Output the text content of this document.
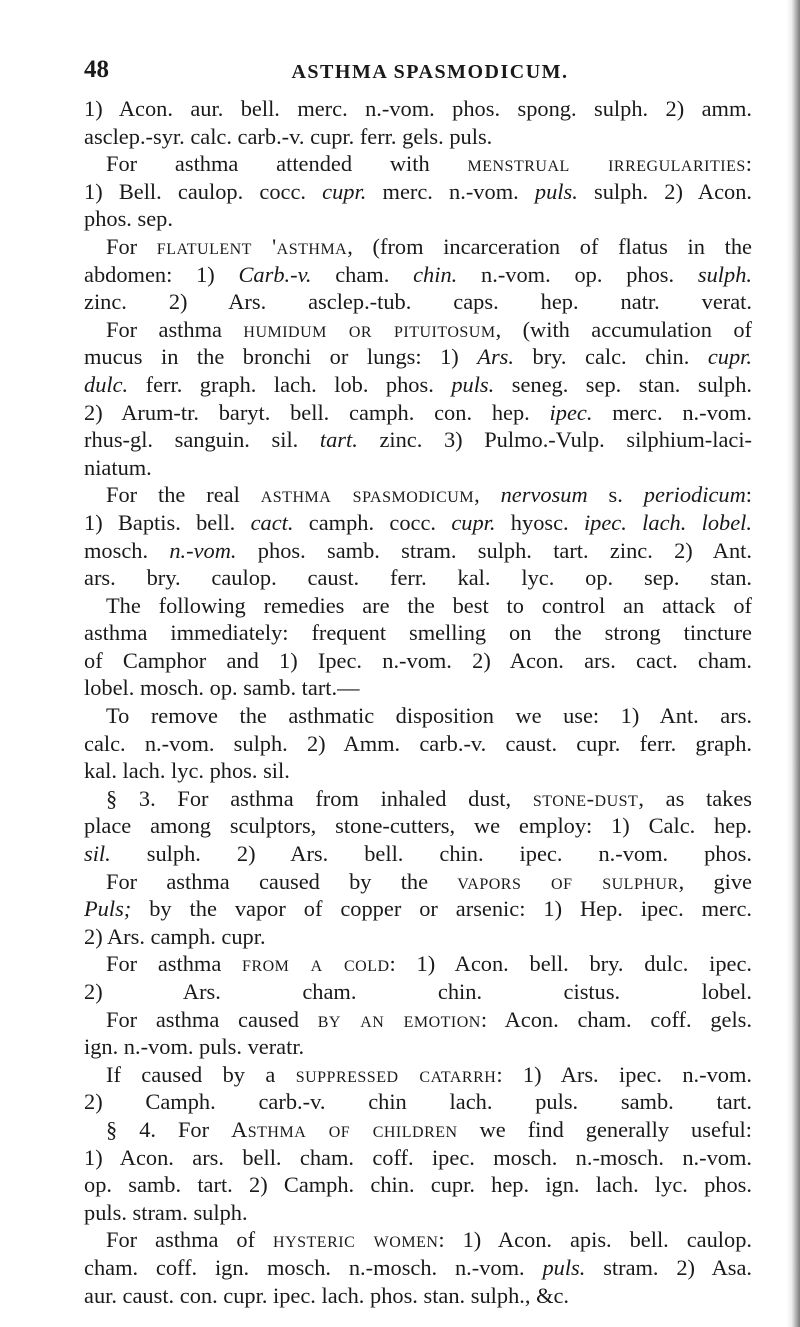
48	ASTHMA SPASMODICUM.
1) Acon. aur. bell. merc. n.-vom. phos. spong. sulph. 2) amm.
asclep.-syr. calc. carb.-v. cupr. ferr. gels. puls.
For asthma attended with menstrual irregularities:
1) Bell. caulop. cocc. cupr. merc. n.-vom. puls. sulph. 2) Acon.
phos. sep.
For flatulent 'asthma, (from incarceration of flatus in the
abdomen: 1) Carb.-v. cham. chin. n.-vom. op. phos. sulph.
zinc. 2) Ars. asclep.-tub. caps. hep. natr. verat.
For asthma humidum or pituitosum, (with accumulation of
mucus in the bronchi or lungs: 1) Ars. bry. calc. chin. cupr.
dulc. ferr. graph. lach. lob. phos. puls. seneg. sep. stan. sulph.
2) Arum-tr. baryt. bell. camph. con. hep. ipec. merc. n.-vom.
rhus-gl. sanguin. sil. tart. zinc. 3) Pulmo.-Vulp. silphium-laci-
niatum.
For the real asthma spasmodicum, nervosum s. periodicum:
1) Baptis. bell. cact. camph. cocc. cupr. hyosc. ipec. lach. lobel.
mosch. n.-vom. phos. samb. stram. sulph. tart. zinc. 2) Ant.
ars. bry. caulop. caust. ferr. kal. lyc. op. sep. stan.
The following remedies are the best to control an attack of
asthma immediately: frequent smelling on the strong tincture
of Camphor and 1) Ipec. n.-vom. 2) Acon. ars. cact. cham.
lobel. mosch. op. samb. tart.—
To remove the asthmatic disposition we use: 1) Ant. ars.
calc. n.-vom. sulph. 2) Amm. carb.-v. caust. cupr. ferr. graph.
kal. lach. lyc. phos. sil.
§ 3. For asthma from inhaled dust, stone-dust, as takes
place among sculptors, stone-cutters, we employ: 1) Calc. hep.
sil. sulph. 2) Ars. bell. chin. ipec. n.-vom. phos.
For asthma caused by the vapors of sulphur, give
Puls; by the vapor of copper or arsenic: 1) Hep. ipec. merc.
2) Ars. camph. cupr.
For asthma from a cold: 1) Acon. bell. bry. dulc. ipec.
2) Ars. cham. chin. cistus. lobel.
For asthma caused by an emotion: Acon. cham. coff. gels.
ign. n.-vom. puls. veratr.
If caused by a suppressed catarrh: 1) Ars. ipec. n.-vom.
2) Camph. carb.-v. chin lach. puls. samb. tart.
§ 4. For Asthma of children we find generally useful:
1) Acon. ars. bell. cham. coff. ipec. mosch. n.-mosch. n.-vom.
op. samb. tart. 2) Camph. chin. cupr. hep. ign. lach. lyc. phos.
puls. stram. sulph.
For asthma of hysteric women: 1) Acon. apis. bell. caulop.
cham. coff. ign. mosch. n.-mosch. n.-vom. puls. stram. 2) Asa.
aur. caust. con. cupr. ipec. lach. phos. stan. sulph., &c.
